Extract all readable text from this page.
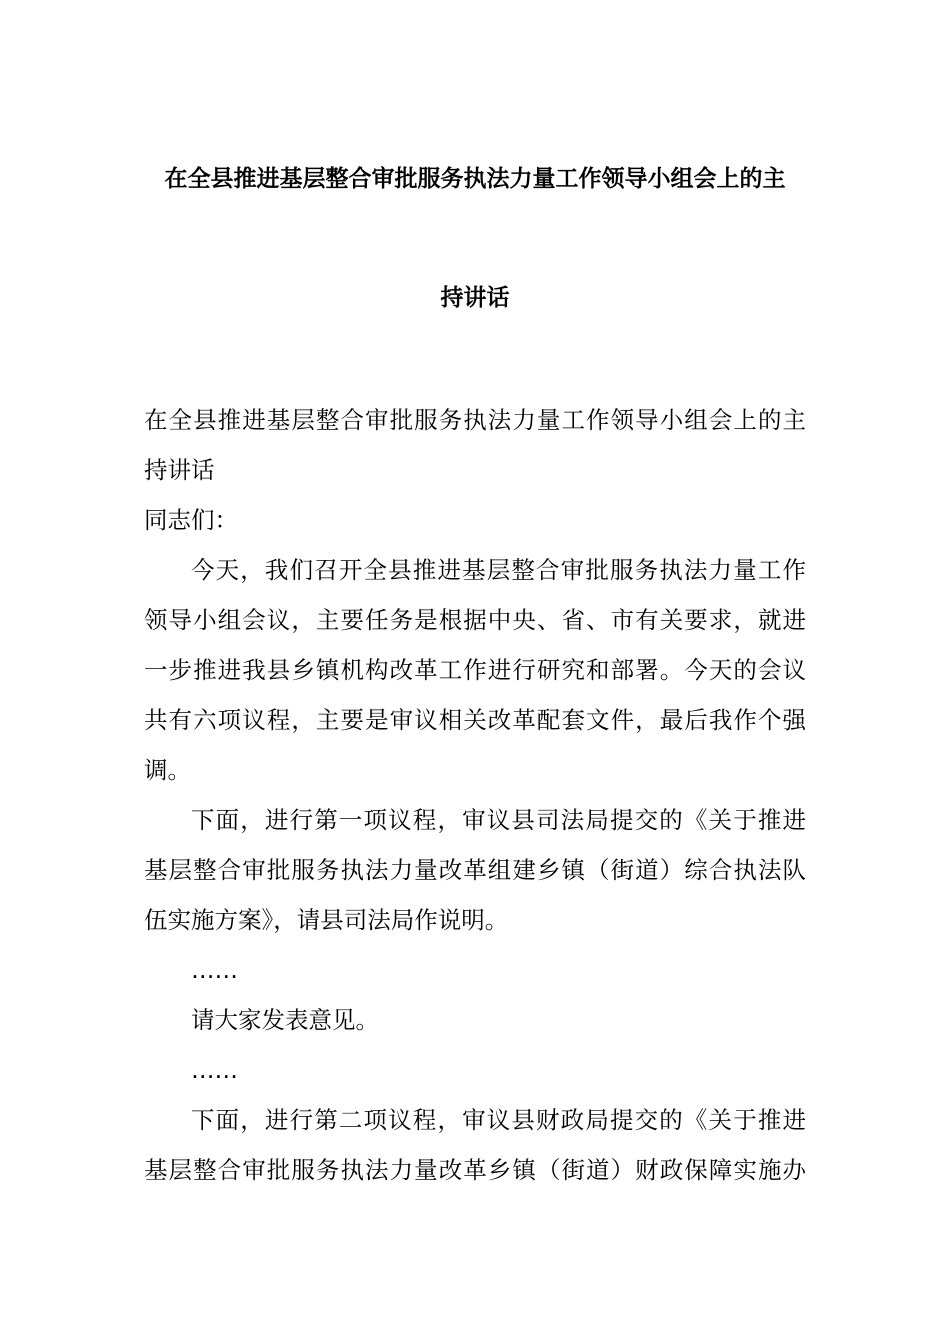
在全县推进基层整合审批服务执法力量工作领导小组会上的主
持讲话
在全县推进基层整合审批服务执法力量工作领导小组会上的主
持讲话
同志们：
今天，我们召开全县推进基层整合审批服务执法力量工作
领导小组会议，主要任务是根据中央、省、市有关要求，就进
一步推进我县乡镇机构改革工作进行研究和部署。今天的会议
共有六项议程，主要是审议相关改革配套文件，最后我作个强
调。
下面，进行第一项议程，审议县司法局提交的《关于推进
基层整合审批服务执法力量改革组建乡镇（街道）综合执法队
伍实施方案》，请县司法局作说明。
……
请大家发表意见。
……
下面，进行第二项议程，审议县财政局提交的《关于推进
基层整合审批服务执法力量改革乡镇（街道）财政保障实施办
